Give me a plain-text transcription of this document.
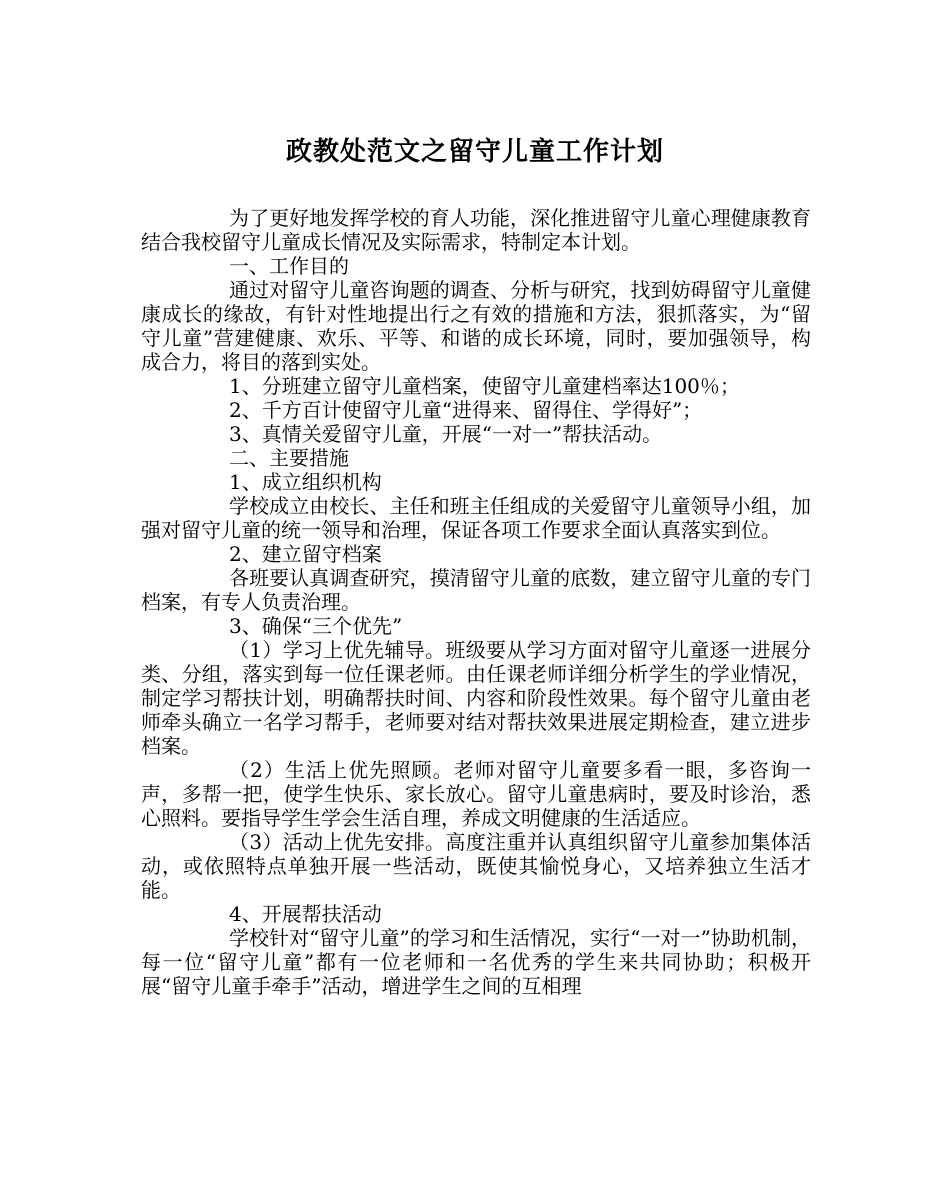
政教处范文之留守儿童工作计划

为了更好地发挥学校的育人功能，深化推进留守儿童心理健康教育结合我校留守儿童成长情况及实际需求，特制定本计划。

一、工作目的

通过对留守儿童咨询题的调查、分析与研究，找到妨碍留守儿童健康成长的缘故，有针对性地提出行之有效的措施和方法，狠抓落实，为“留守儿童”营建健康、欢乐、平等、和谐的成长环境，同时，要加强领导，构成合力，将目的落到实处。

1、分班建立留守儿童档案，使留守儿童建档率达100％；

2、千方百计使留守儿童“进得来、留得住、学得好”；

3、真情关爱留守儿童，开展“一对一”帮扶活动。

二、主要措施

1、成立组织机构

学校成立由校长、主任和班主任组成的关爱留守儿童领导小组，加强对留守儿童的统一领导和治理，保证各项工作要求全面认真落实到位。

2、建立留守档案

各班要认真调查研究，摸清留守儿童的底数，建立留守儿童的专门档案，有专人负责治理。

3、确保“三个优先”

（1）学习上优先辅导。班级要从学习方面对留守儿童逐一进展分类、分组，落实到每一位任课老师。由任课老师详细分析学生的学业情况，制定学习帮扶计划，明确帮扶时间、内容和阶段性效果。每个留守儿童由老师牵头确立一名学习帮手，老师要对结对帮扶效果进展定期检查，建立进步档案。

（2）生活上优先照顾。老师对留守儿童要多看一眼，多咨询一声，多帮一把，使学生快乐、家长放心。留守儿童患病时，要及时诊治，悉心照料。要指导学生学会生活自理，养成文明健康的生活适应。

（3）活动上优先安排。高度注重并认真组织留守儿童参加集体活动，或依照特点单独开展一些活动，既使其愉悦身心，又培养独立生活才能。

4、开展帮扶活动

学校针对“留守儿童”的学习和生活情况，实行“一对一”协助机制，每一位“留守儿童”都有一位老师和一名优秀的学生来共同协助；积极开展“留守儿童手牵手”活动，增进学生之间的互相理
